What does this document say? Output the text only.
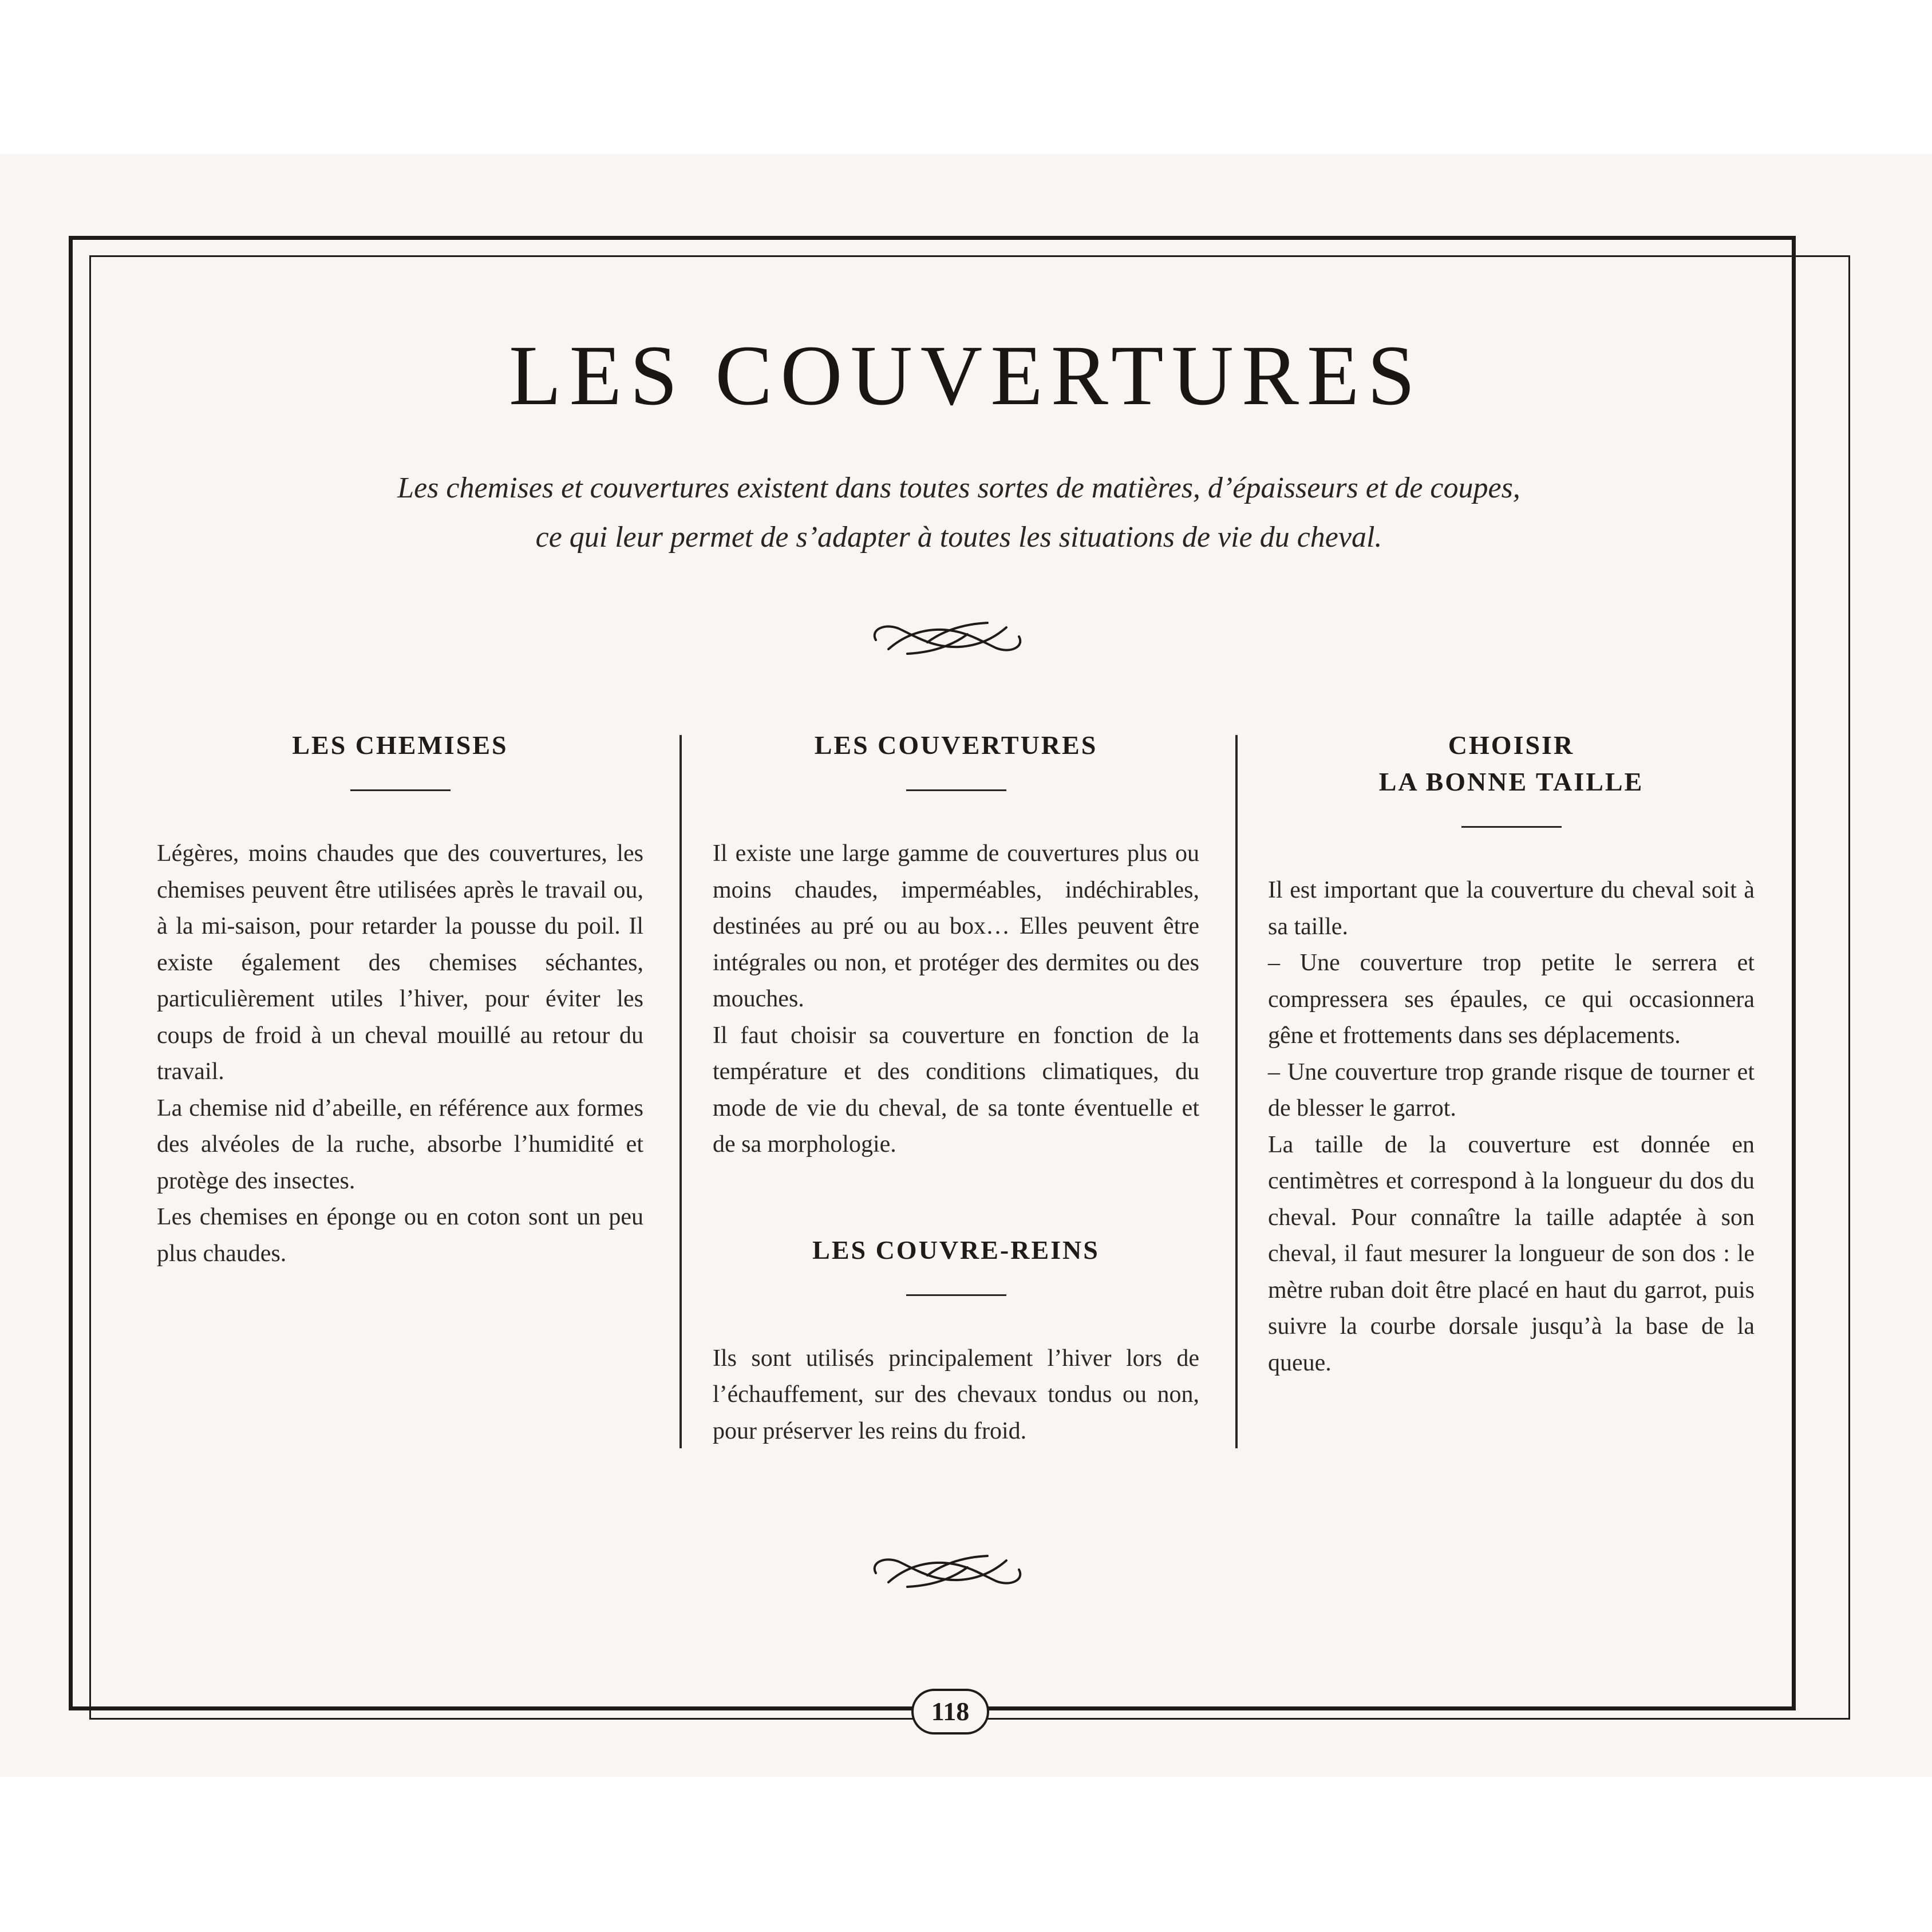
LES COUVERTURES
Les chemises et couvertures existent dans toutes sortes de matières, d’épaisseurs et de coupes,
ce qui leur permet de s’adapter à toutes les situations de vie du cheval.
LES CHEMISES

Légères, moins chaudes que des couvertures, les chemises peuvent être utilisées après le travail ou, à la mi-saison, pour retarder la pousse du poil. Il existe également des chemises séchantes, particulièrement utiles l’hiver, pour éviter les coups de froid à un cheval mouillé au retour du travail.

La chemise nid d’abeille, en référence aux formes des alvéoles de la ruche, absorbe l’humidité et protège des insectes.

Les chemises en éponge ou en coton sont un peu plus chaudes.

LES COUVERTURES

Il existe une large gamme de couvertures plus ou moins chaudes, imperméables, indéchirables, destinées au pré ou au box… Elles peuvent être intégrales ou non, et protéger des dermites ou des mouches.

Il faut choisir sa couverture en fonction de la température et des conditions climatiques, du mode de vie du cheval, de sa tonte éventuelle et de sa morphologie.

LES COUVRE-REINS

Ils sont utilisés principalement l’hiver lors de l’échauffement, sur des chevaux tondus ou non, pour préserver les reins du froid.

CHOISIR
LA BONNE TAILLE

Il est important que la couverture du cheval soit à sa taille.

– Une couverture trop petite le serrera et compressera ses épaules, ce qui occasionnera gêne et frottements dans ses déplacements.

– Une couverture trop grande risque de tourner et de blesser le garrot.

La taille de la couverture est donnée en centimètres et correspond à la longueur du dos du cheval. Pour connaître la taille adaptée à son cheval, il faut mesurer la longueur de son dos : le mètre ruban doit être placé en haut du garrot, puis suivre la courbe dorsale jusqu’à la base de la queue.

118
